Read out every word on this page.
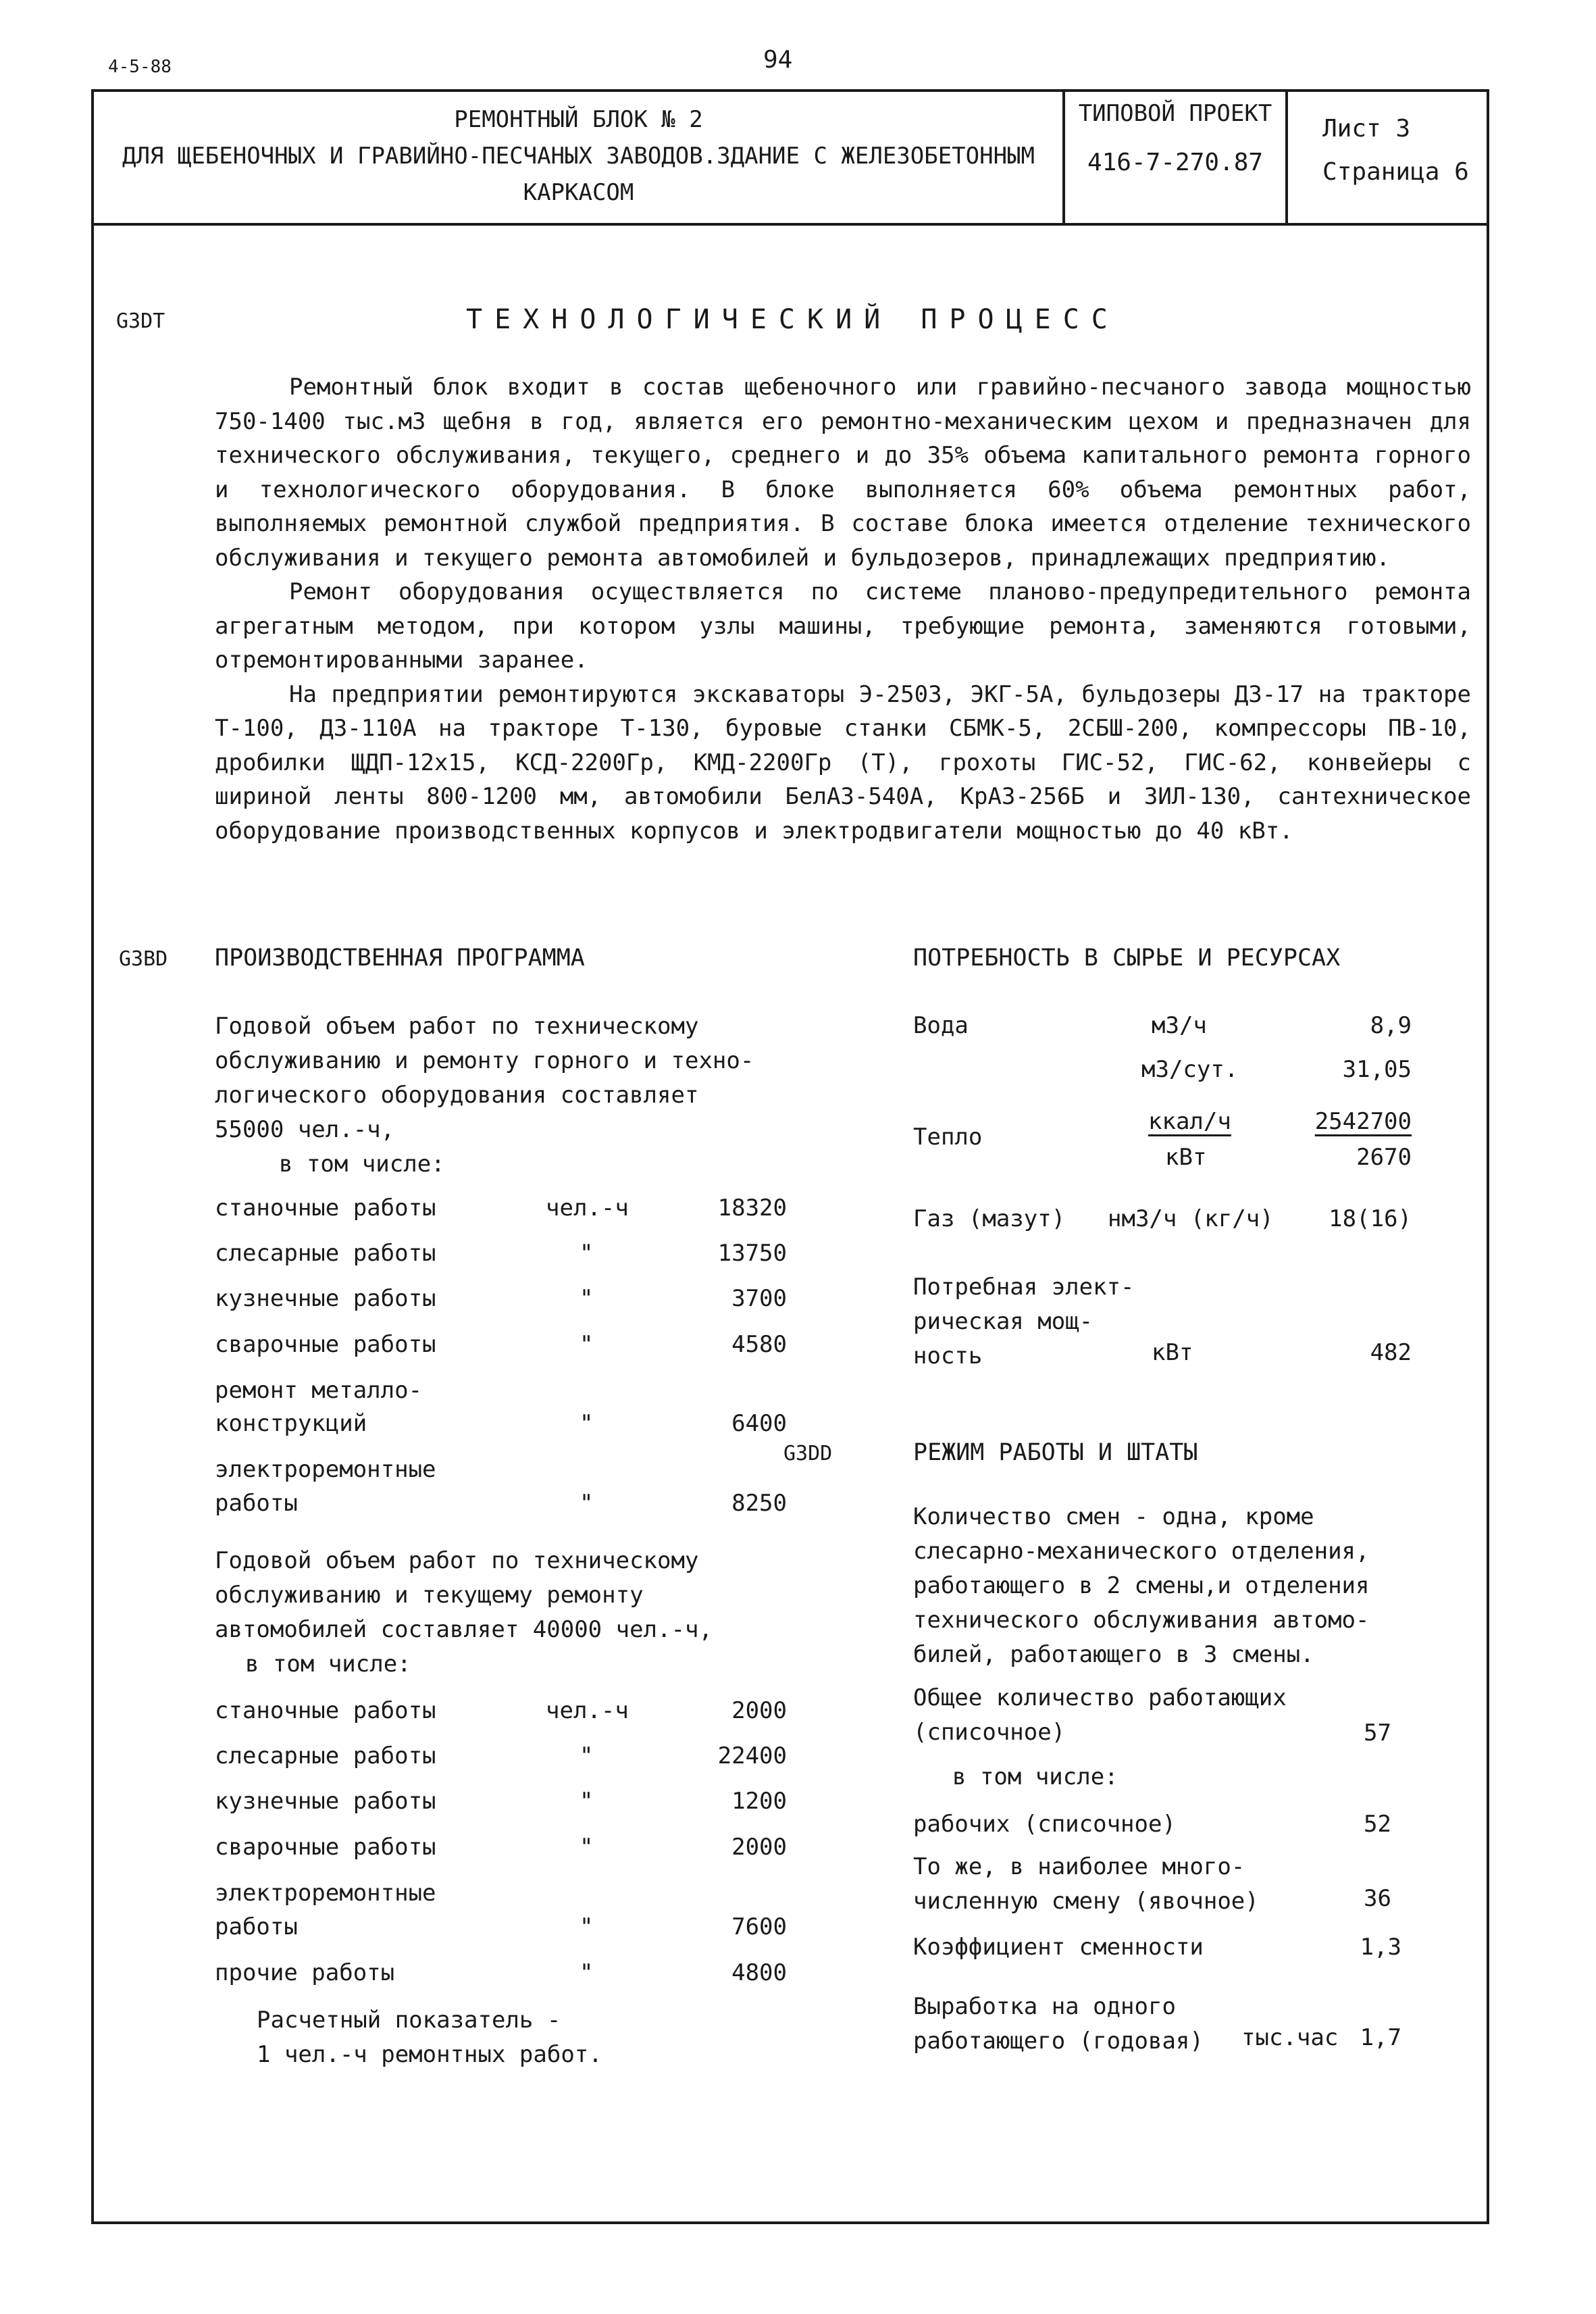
4-5-88	94
РЕМОНТНЫЙ БЛОК № 2
ДЛЯ ЩЕБЕНОЧНЫХ И ГРАВИЙНО-ПЕСЧАНЫХ ЗАВОДОВ.ЗДАНИЕ С ЖЕЛЕЗОБЕТОННЫМ
КАРКАСОМ
ТИПОВОЙ ПРОЕКТ
416-7-270.87
Лист 3
Страница 6
G3DT	ТЕХНОЛОГИЧЕСКИЙ ПРОЦЕСС

Ремонтный блок входит в состав щебеночного или гравийно-песчаного завода мощностью 750-1400 тыс.м3 щебня в год, является его ремонтно-механическим цехом и предназначен для технического обслуживания, текущего, среднего и до 35% объема капитального ремонта горного и технологического оборудования. В блоке выполняется 60% объема ремонтных работ, выполняемых ремонтной службой предприятия. В составе блока имеется отделение технического обслуживания и текущего ремонта автомобилей и бульдозеров, принадлежащих предприятию.

Ремонт оборудования осуществляется по системе планово-предупредительного ремонта агрегатным методом, при котором узлы машины, требующие ремонта, заменяются готовыми, отремонтированными заранее.

На предприятии ремонтируются экскаваторы Э-2503, ЭКГ-5А, бульдозеры ДЗ-17 на тракторе Т-100, ДЗ-110А на тракторе Т-130, буровые станки СБМК-5, 2СБШ-200, компрессоры ПВ-10, дробилки ЩДП-12х15, КСД-2200Гр, КМД-2200Гр (Т), грохоты ГИС-52, ГИС-62, конвейеры с шириной ленты 800-1200 мм, автомобили БелАЗ-540А, КрАЗ-256Б и ЗИЛ-130, сантехническое оборудование производственных корпусов и электродвигатели мощностью до 40 кВт.

G3BD ПРОИЗВОДСТВЕННАЯ ПРОГРАММА
Годовой объем работ по техническому
обслуживанию и ремонту горного и техно-
логического оборудования составляет
55000 чел.-ч,
в том числе:
станочные работы	чел.-ч	18320
слесарные работы	"	13750
кузнечные работы	"	3700
сварочные работы	"	4580
ремонт металло-
конструкций	"	6400
электроремонтные
работы	"	8250
Годовой объем работ по техническому
обслуживанию и текущему ремонту
автомобилей составляет 40000 чел.-ч,
в том числе:
станочные работы	чел.-ч	2000
слесарные работы	"	22400
кузнечные работы	"	1200
сварочные работы	"	2000
электроремонтные
работы	"	7600
прочие работы	"	4800
Расчетный показатель -
1 чел.-ч ремонтных работ.
ПОТРЕБНОСТЬ В СЫРЬЕ И РЕСУРСАХ
Вода	м3/ч	8,9
м3/сут.	31,05
Тепло
ккал/ч	2542700
кВт	2670
Газ (мазут) нм3/ч (кг/ч)	18(16)
Потребная элект-
рическая мощ-
ность	кВт	482
G3DD	РЕЖИМ РАБОТЫ И ШТАТЫ
Количество смен - одна, кроме
слесарно-механического отделения,
работающего в 2 смены,и отделения
технического обслуживания автомо-
билей, работающего в 3 смены.
Общее количество работающих
(списочное)	57
в том числе:
рабочих (списочное)	52
То же, в наиболее много-
численную смену (явочное)	36
Коэффициент сменности	1,3
Выработка на одного
работающего (годовая) тыс.час 1,7
